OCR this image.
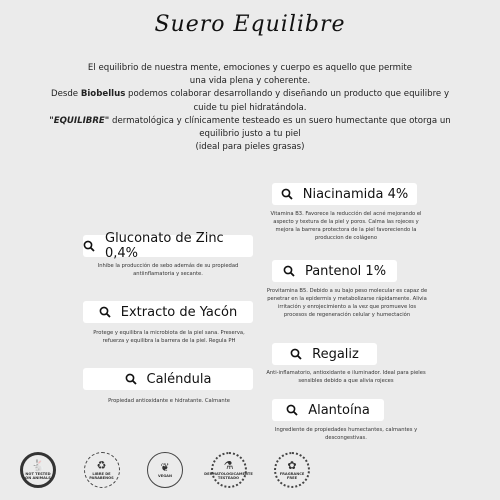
Suero Equilibre

El equilibrio de nuestra mente, emociones y cuerpo es aquello que permite

una vida plena y coherente.

Desde Biobellus podemos colaborar desarrollando y diseñando un producto que equilibre y cuide tu piel hidratándola.

"EQUILIBRE" dermatológica y clínicamente testeado es un suero humectante que otorga un equilibrio justo a tu piel

(ideal para pieles grasas)

Niacinamida 4%
Vitamina B3. Favorece la reducción del acné mejorando el aspecto y textura de la piel y poros. Calma las rojeces y mejora la barrera protectora de la piel favoreciendo la produccion de colágeno
Pantenol 1%
Provitamina B5. Debido a su bajo peso molecular es capaz de penetrar en la epidermis y metabolizarse rápidamente. Alivia irritación y enrojecimiento a la vez que promueve los procesos de regeneración celular y humectación
Regaliz
Anti-inflamatorio, antioxidante e iluminador. Ideal para pieles sensibles debido a que alivia rojeces
Alantoína
Ingrediente de propiedades humectantes, calmantes y descongestivas.
Gluconato de Zinc 0,4%
Inhibe la producción de sebo además de su propiedad antiinflamatoria y secante.
Extracto de Yacón
Protege y equilibra la microbiota de la piel sana. Preserva, refuerza y equilibra la barrera de la piel. Regula PH
Caléndula
Propiedad antioxidante e hidratante. Calmante
🐇
NOT TESTED ON ANIMALS
♻
LIBRE DE PARABENOS
❦
VEGAN
⚗
DERMATOLOGICAMENTE TESTEADO
✿
FRAGRANCE FREE
